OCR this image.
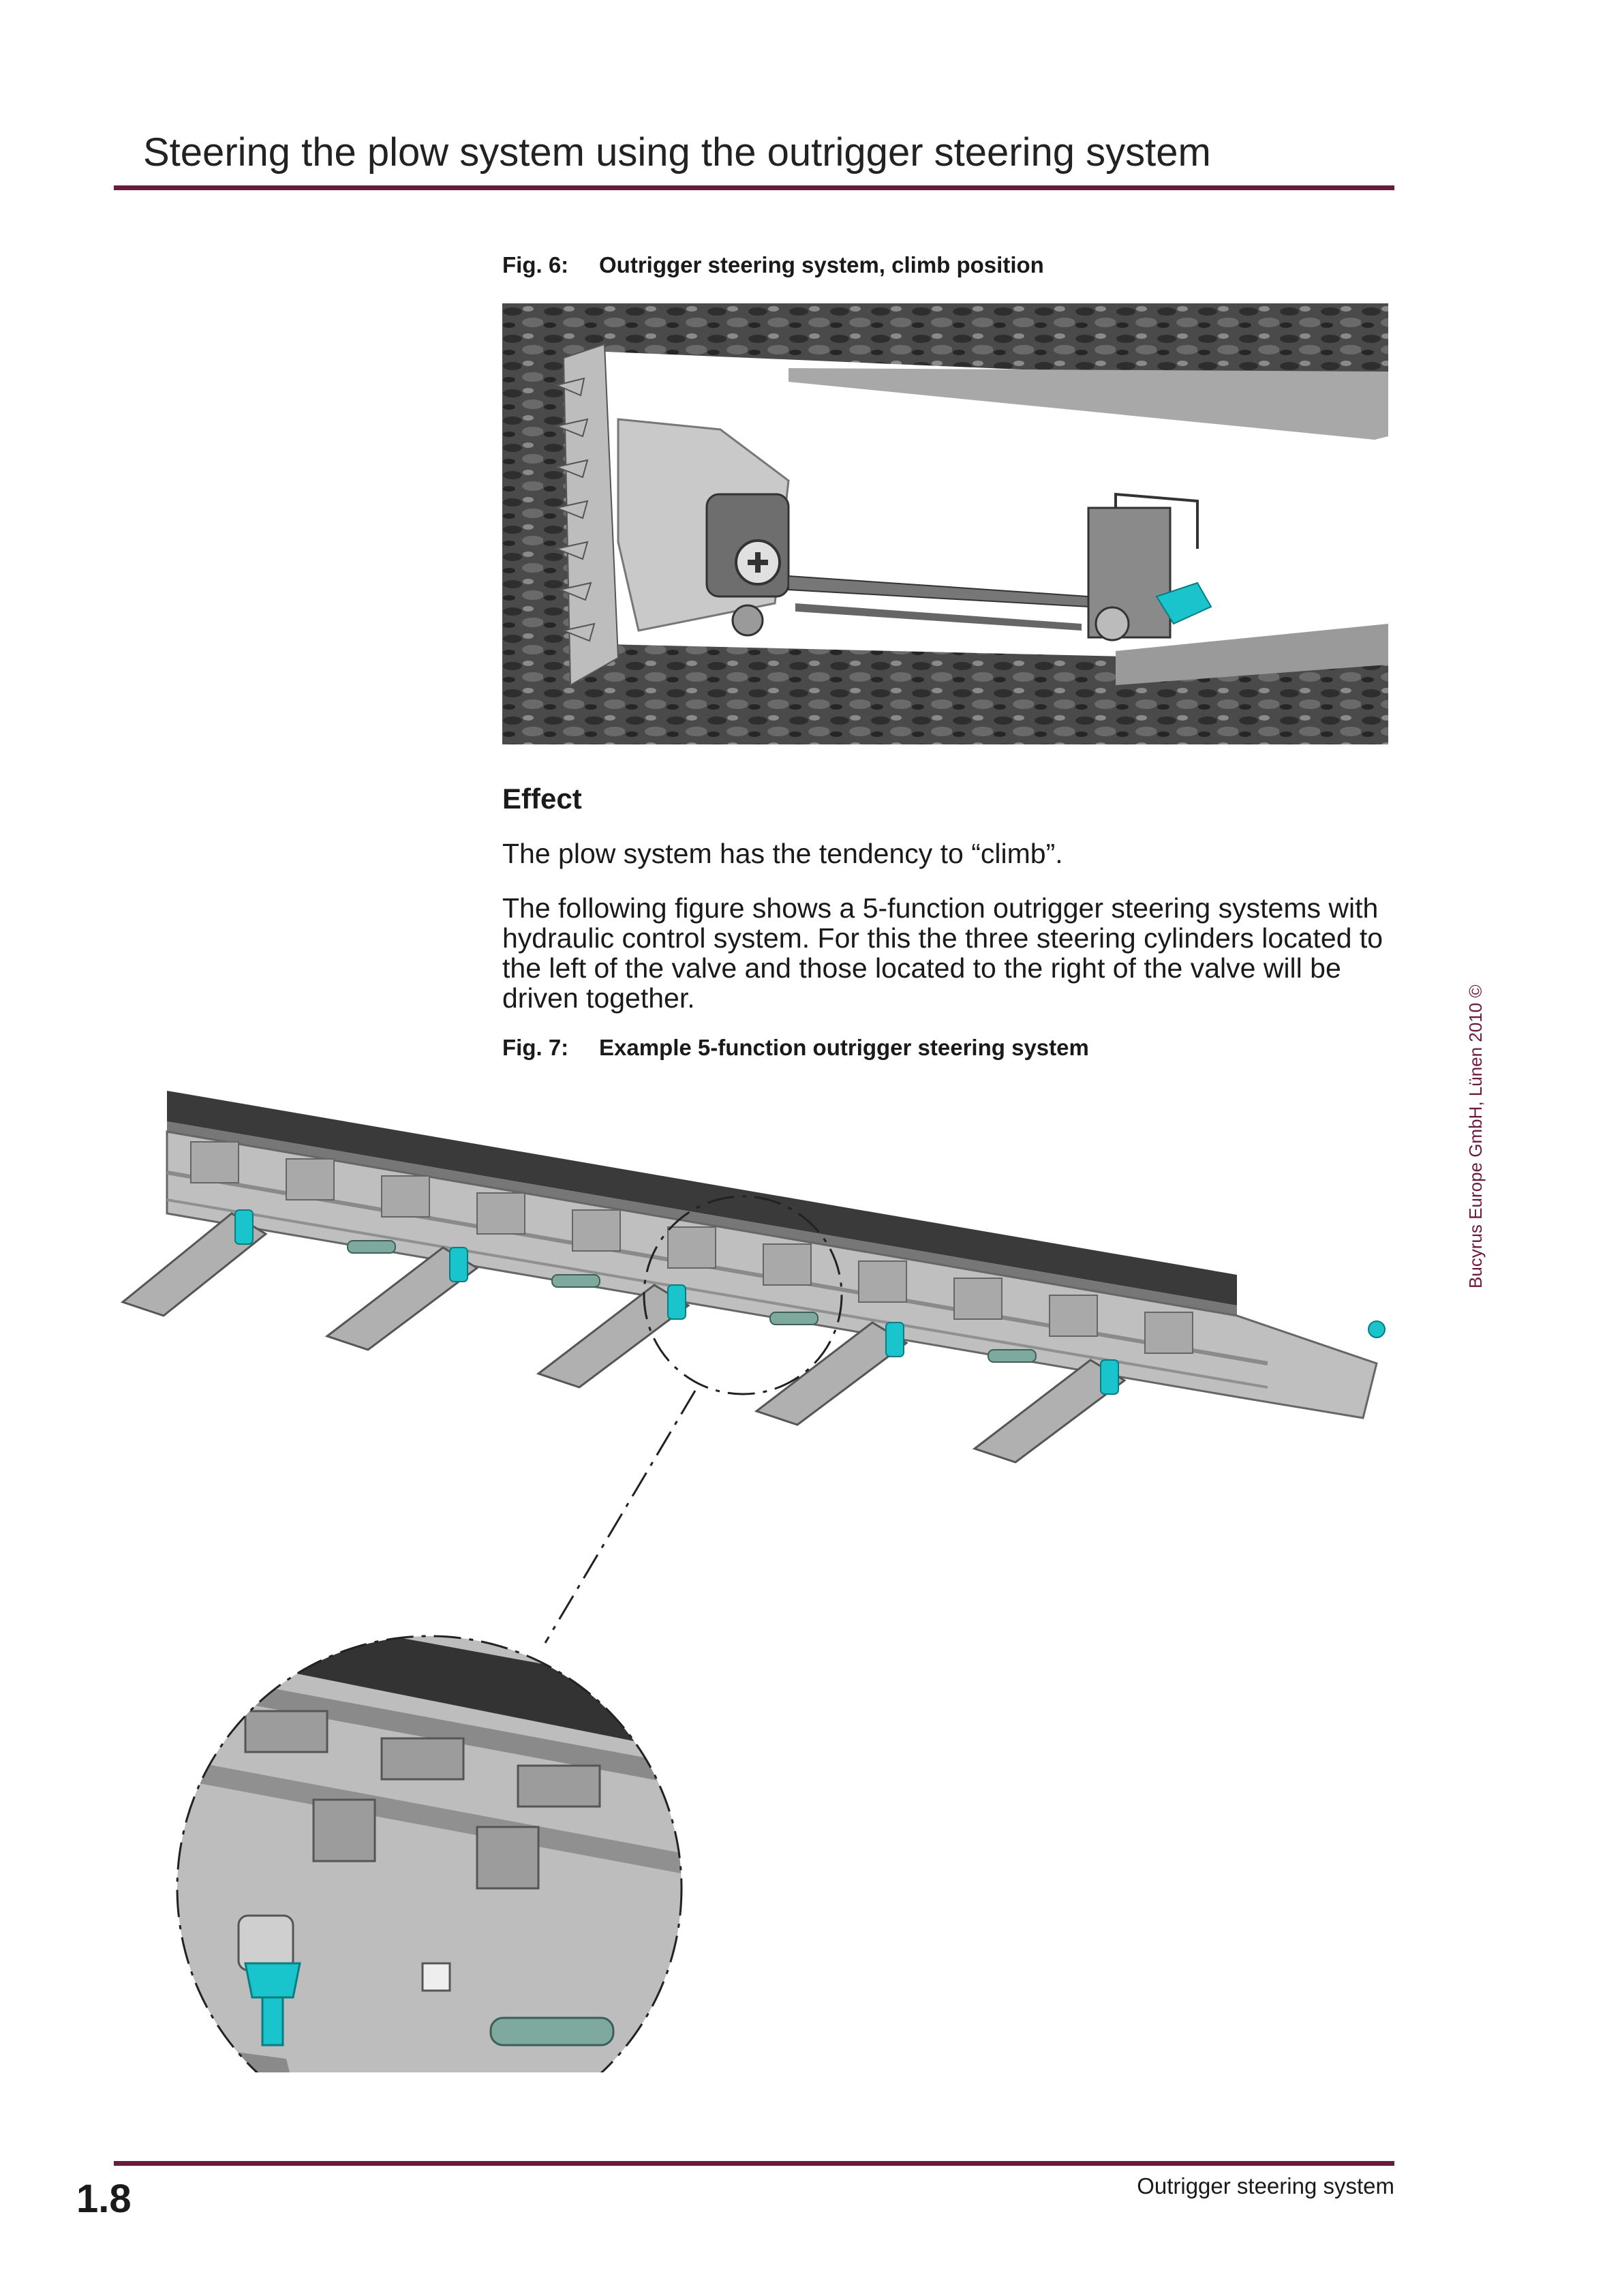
Steering the plow system using the outrigger steering system
Fig. 6: Outrigger steering system, climb position
Effect
The plow system has the tendency to “climb”.
The following figure shows a 5-function outrigger steering systems with hydraulic control system. For this the three steering cylinders located to the left of the valve and those located to the right of the valve will be driven together.
Fig. 7: Example 5-function outrigger steering system	Bucyrus Europe GmbH, Lünen 2010 ©
1.8	Outrigger steering system
